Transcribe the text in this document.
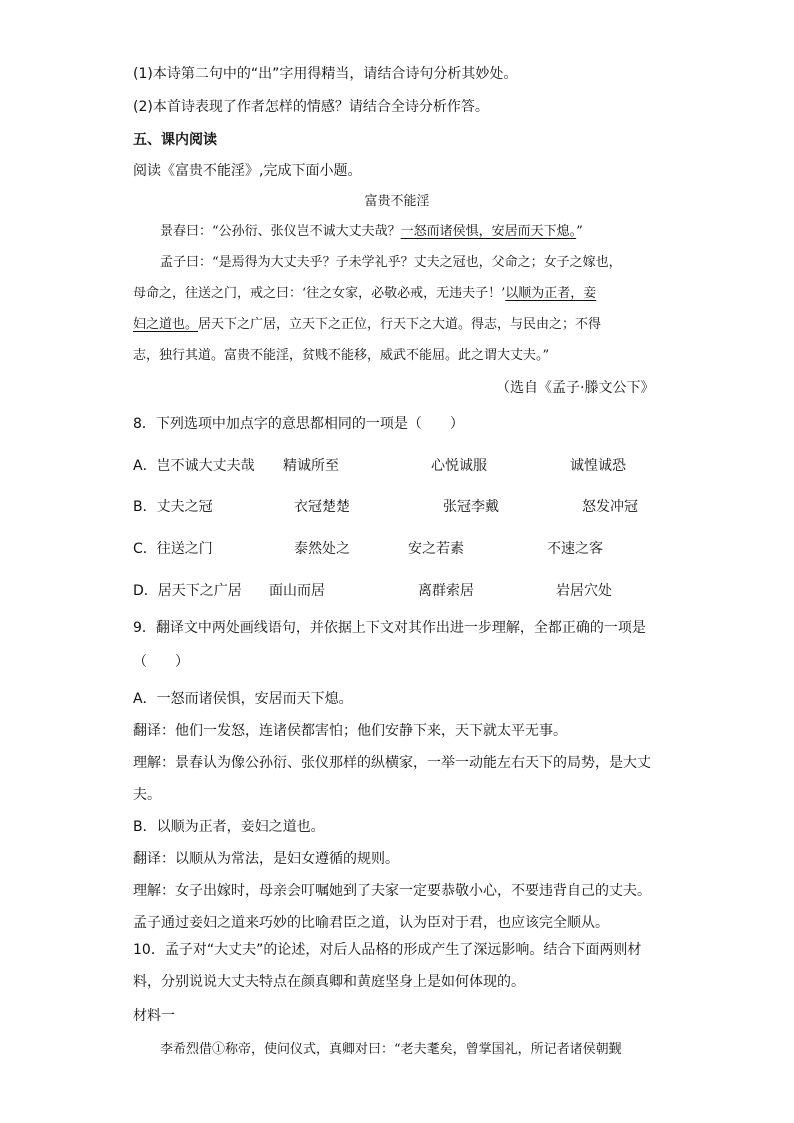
(1)本诗第二句中的“出”字用得精当，请结合诗句分析其妙处。
(2)本首诗表现了作者怎样的情感？请结合全诗分析作答。
五、课内阅读
阅读《富贵不能淫》,完成下面小题。
富贵不能淫
景春曰：“公孙衍、张仪岂不诚大丈夫哉？一怒而诸侯惧，安居而天下熄。”
孟子曰：“是焉得为大丈夫乎？子未学礼乎？丈夫之冠也，父命之；女子之嫁也，
母命之，往送之门，戒之曰：‘往之女家，必敬必戒，无违夫子！’以顺为正者，妾
妇之道也。居天下之广居，立天下之正位，行天下之大道。得志，与民由之；不得
志，独行其道。富贵不能淫，贫贱不能移，威武不能屈。此之谓大丈夫。”
（选自《孟子·滕文公下》
8．下列选项中加点字的意思都相同的一项是（　　）
A．岂不诚大丈夫哉 精诚所至	心悦诚服	诚惶诚恐
B．丈夫之冠	衣冠楚楚	张冠李戴	怒发冲冠
C．往送之门	泰然处之	安之若素	不速之客
D．居天下之广居 面山而居	离群索居	岩居穴处
9．翻译文中两处画线语句，并依据上下文对其作出进一步理解，全都正确的一项是
（　　）
A．一怒而诸侯惧，安居而天下熄。
翻译：他们一发怒，连诸侯都害怕；他们安静下来，天下就太平无事。
理解：景春认为像公孙衍、张仪那样的纵横家，一举一动能左右天下的局势，是大丈
夫。
B．以顺为正者，妾妇之道也。
翻译：以顺从为常法，是妇女遵循的规则。
理解：女子出嫁时，母亲会叮嘱她到了夫家一定要恭敬小心，不要违背自己的丈夫。
孟子通过妾妇之道来巧妙的比喻君臣之道，认为臣对于君，也应该完全顺从。
10．孟子对“大丈夫”的论述，对后人品格的形成产生了深远影响。结合下面两则材
料，分别说说大丈夫特点在颜真卿和黄庭坚身上是如何体现的。
材料一
李希烈借①称帝，使问仪式，真卿对曰：“老夫耄矣，曾掌国礼，所记者诸侯朝觐
